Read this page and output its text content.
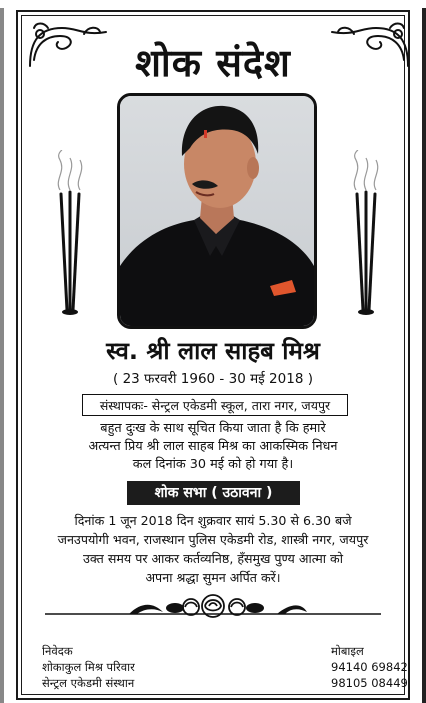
शोक संदेश
स्व. श्री लाल साहब मिश्र
( 23 फरवरी 1960 - 30 मई 2018 )
संस्थापकः- सेन्ट्रल एकेडमी स्कूल, तारा नगर, जयपुर
बहुत दुःख के साथ सूचित किया जाता है कि हमारे
अत्यन्त प्रिय श्री लाल साहब मिश्र का आकस्मिक निधन
कल दिनांक 30 मई को हो गया है।
शोक सभा ( उठावना )
दिनांक 1 जून 2018 दिन शुक्रवार सायं 5.30 से 6.30 बजे
जनउपयोगी भवन, राजस्थान पुलिस एकेडमी रोड, शास्त्री नगर, जयपुर
उक्त समय पर आकर कर्तव्यनिष्ठ, हँसमुख पुण्य आत्मा को
अपना श्रद्धा सुमन अर्पित करें।
निवेदक
शोकाकुल मिश्र परिवार
सेन्ट्रल एकेडमी संस्थान
मोबाइल
94140 69842
98105 08449
